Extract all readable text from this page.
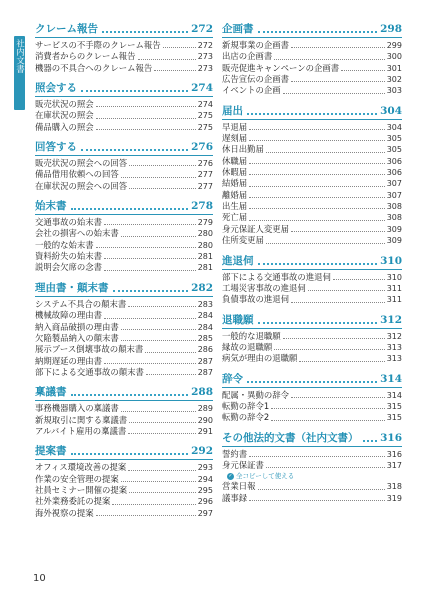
社内文書
クレーム報告	272
サービスの不手際のクレーム報告	272
消費者からのクレーム報告	273
機器の不具合へのクレーム報告	273
照会する	274
販売状況の照会	274
在庫状況の照会	275
備品購入の照会	275
回答する	276
販売状況の照会への回答	276
備品借用依頼への回答	277
在庫状況の照会への回答	277
始末書	278
交通事故の始末書	279
会社の損害への始末書	280
一般的な始末書	280
資料紛失の始末書	281
説明会欠席の念書	281
理由書・顛末書	282
システム不具合の顛末書	283
機械故障の理由書	284
納入商品破損の理由書	284
欠陥製品納入の顛末書	285
展示ブース倒壊事故の顛末書	286
納期遅延の理由書	287
部下による交通事故の顛末書	287
稟議書	288
事務機器購入の稟議書	289
新規取引に関する稟議書	290
アルバイト雇用の稟議書	291
提案書	292
オフィス環境改善の提案	293
作業の安全管理の提案	294
社員セミナー開催の提案	295
社外業務委託の提案	296
海外視察の提案	297
企画書	298
新規事業の企画書	299
出店の企画書	300
販売促進キャンペーンの企画書	301
広告宣伝の企画書	302
イベントの企画	303
届出	304
早退届	304
遅刻届	305
休日出勤届	305
休職届	306
休暇届	306
結婚届	307
離婚届	307
出生届	308
死亡届	308
身元保証人変更届	309
住所変更届	309
進退伺	310
部下による交通事故の進退伺	310
工場災害事故の進退伺	311
負債事故の進退伺	311
退職願	312
一般的な退職願	312
縁故の退職願	313
病気が理由の退職願	313
辞令	314
配属・異動の辞令	314
転勤の辞令1	315
転勤の辞令2	315
その他法的文書（社内文書） 316
誓約書	316
身元保証書	317
✓ 全コピーして使える
営業日報	318
議事録	319
10
